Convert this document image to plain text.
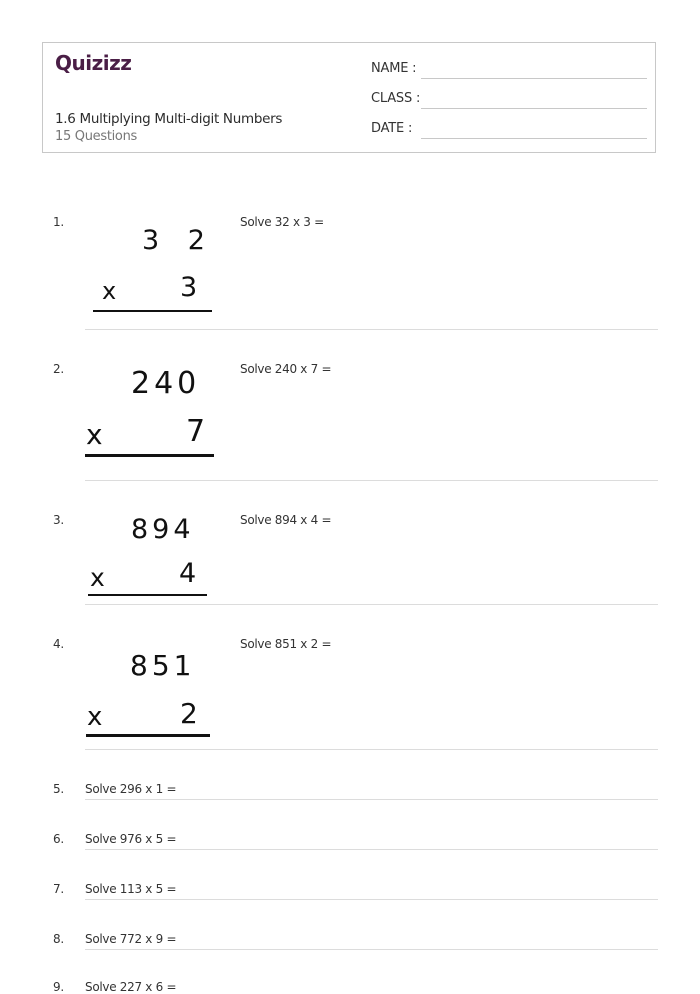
Quizizz
1.6 Multiplying Multi-digit Numbers
15 Questions
NAME :
CLASS :
DATE :
1.
3 2
x 3
Solve 32 x 3 =
2. 240
x	7
Solve 240 x 7 =
3. 894
x	4
Solve 894 x 4 =
4.
851
x	2
Solve 851 x 2 =
5. Solve 296 x 1 =
6. Solve 976 x 5 =
7. Solve 113 x 5 =
8. Solve 772 x 9 =
9. Solve 227 x 6 =
